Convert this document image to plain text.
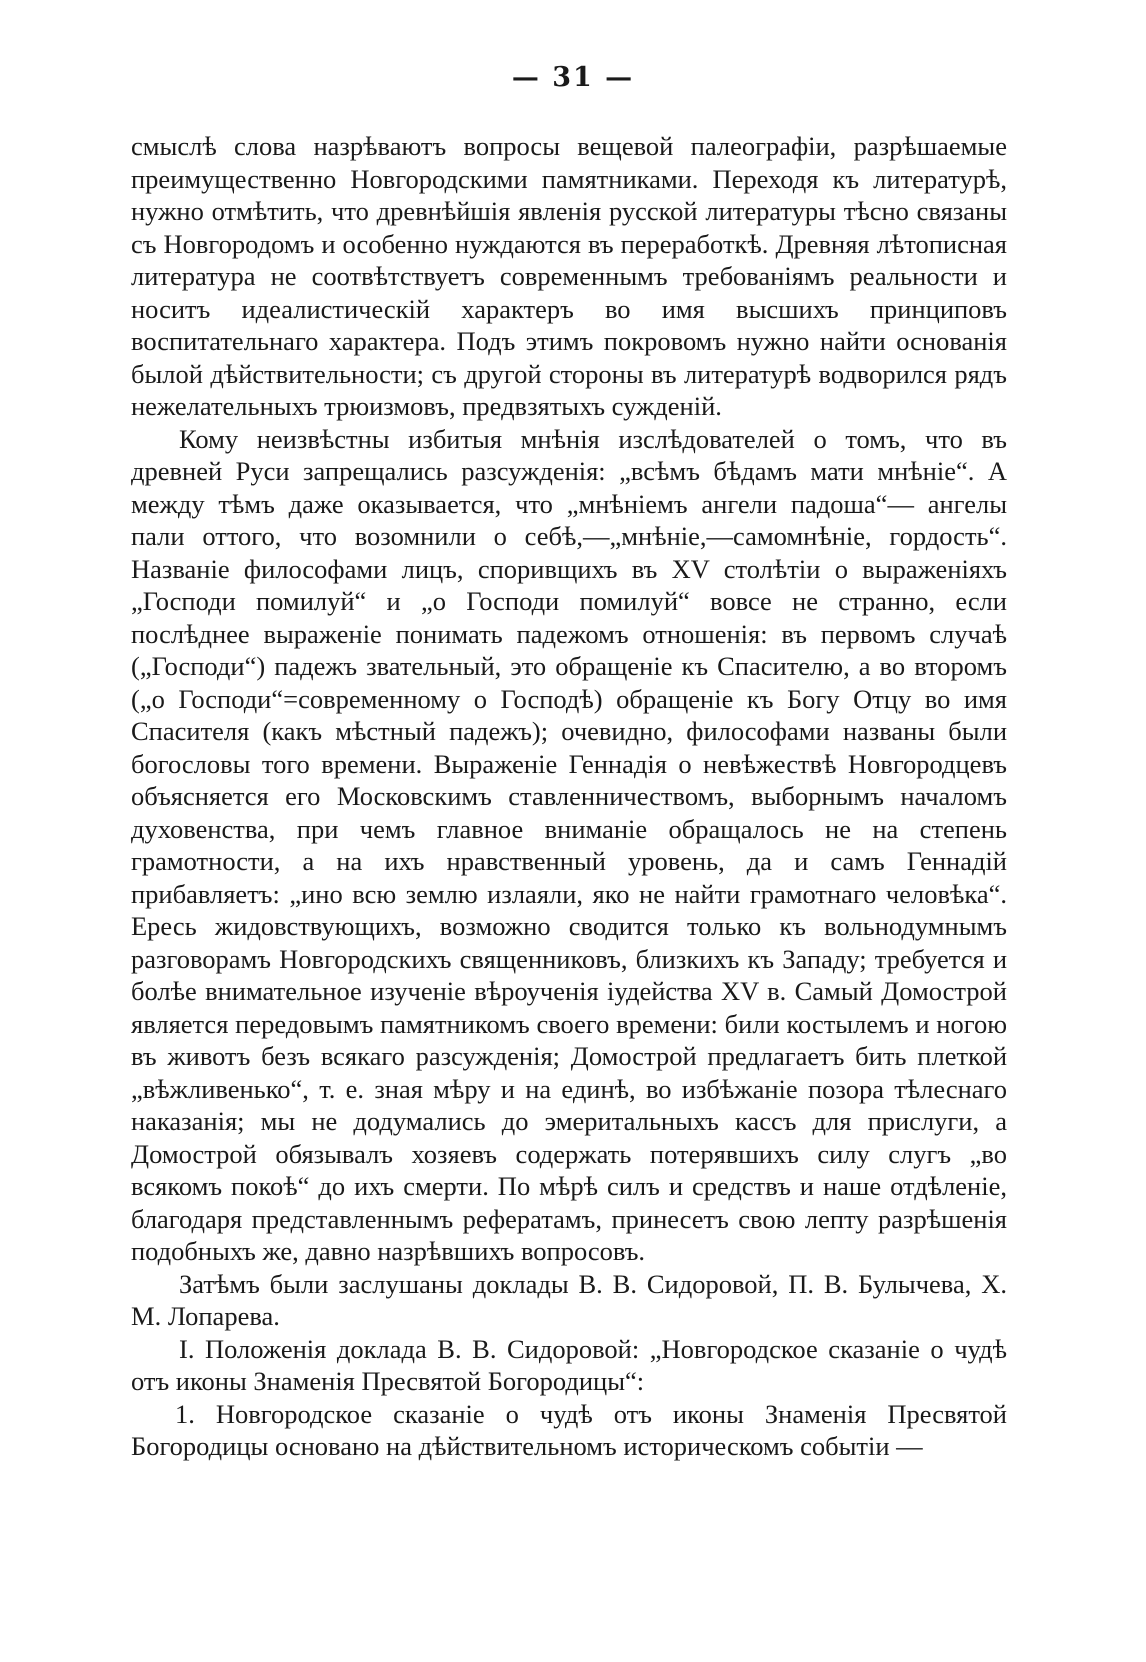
— 31 —

смыслѣ слова назрѣваютъ вопросы вещевой палеографіи, разрѣшаемые преимущественно Новгородскими памятниками. Переходя къ литературѣ, нужно отмѣтить, что древнѣйшія явленія русской литературы тѣсно связаны съ Новгородомъ и особенно нуждаются въ переработкѣ. Древняя лѣтописная литература не соотвѣтствуетъ современнымъ требованіямъ реальности и носитъ идеалистическій характеръ во имя высшихъ принциповъ воспитательнаго характера. Подъ этимъ покровомъ нужно найти основанія былой дѣйствительности; съ другой стороны въ литературѣ водворился рядъ нежелательныхъ трюизмовъ, предвзятыхъ сужденій.

Кому неизвѣстны избитыя мнѣнія изслѣдователей о томъ, что въ древней Руси запрещались разсужденія: „всѣмъ бѣдамъ мати мнѣніе“. А между тѣмъ даже оказывается, что „мнѣніемъ ангели падоша“— ангелы пали оттого, что возомнили о себѣ,—„мнѣніе,—самомнѣніе, гордость“. Названіе философами лицъ, споривщихъ въ XV столѣтіи о выраженіяхъ „Господи помилуй“ и „о Господи помилуй“ вовсе не странно, если послѣднее выраженіе понимать падежомъ отношенія: въ первомъ случаѣ („Господи“) падежъ звательный, это обращеніе къ Спасителю, а во второмъ („о Господи“=современному о Господѣ) обращеніе къ Богу Отцу во имя Спасителя (какъ мѣстный падежъ); очевидно, философами названы были богословы того времени. Выраженіе Геннадія о невѣжествѣ Новгородцевъ объясняется его Московскимъ ставленничествомъ, выборнымъ началомъ духовенства, при чемъ главное вниманіе обращалось не на степень грамотности, а на ихъ нравственный уровень, да и самъ Геннадій прибавляетъ: „ино всю землю излаяли, яко не найти грамотнаго человѣка“. Ересь жидовствующихъ, возможно сводится только къ вольнодумнымъ разговорамъ Новгородскихъ священниковъ, близкихъ къ Западу; требуется и болѣе внимательное изученіе вѣроученія іудейства XV в. Самый Домострой является передовымъ памятникомъ своего времени: били костылемъ и ногою въ животъ безъ всякаго разсужденія; Домострой предлагаетъ бить плеткой „вѣжливенько“, т. е. зная мѣру и на единѣ, во избѣжаніе позора тѣлеснаго наказанія; мы не додумались до эмеритальныхъ кассъ для прислуги, а Домострой обязывалъ хозяевъ содержать потерявшихъ силу слугъ „во всякомъ покоѣ“ до ихъ смерти. По мѣрѣ силъ и средствъ и наше отдѣленіе, благодаря представленнымъ рефератамъ, принесетъ свою лепту разрѣшенія подобныхъ же, давно назрѣвшихъ вопросовъ.

Затѣмъ были заслушаны доклады В. В. Сидоровой, П. В. Булычева, Х. М. Лопарева.

I. Положенія доклада В. В. Сидоровой: „Новгородское сказаніе о чудѣ отъ иконы Знаменія Пресвятой Богородицы“:

1. Новгородское сказаніе о чудѣ отъ иконы Знаменія Пресвятой Богородицы основано на дѣйствительномъ историческомъ событіи —
